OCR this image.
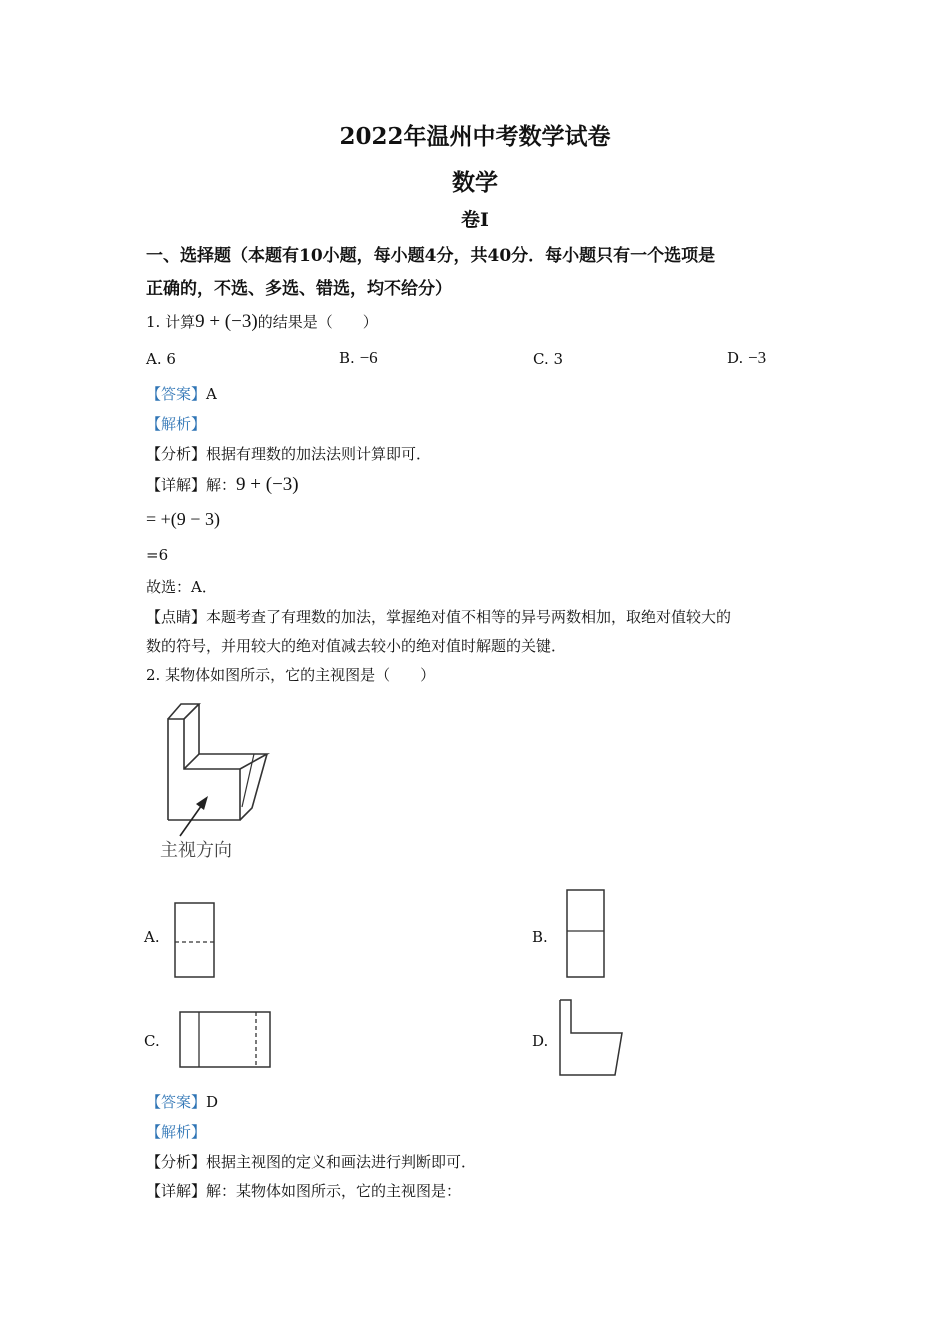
2022年温州中考数学试卷
数学
卷Ⅰ
一、选择题（本题有10小题，每小题4分，共40分．每小题只有一个选项是
正确的，不选、多选、错选，均不给分）
1. 计算9 + (−3)的结果是（　　）
A. 6	B. −6	C. 3	D. −3
【答案】A
【解析】
【分析】根据有理数的加法法则计算即可．
【详解】解：9 + (−3)
= +(9 − 3)
=6
故选：A．
【点睛】本题考查了有理数的加法，掌握绝对值不相等的异号两数相加，取绝对值较大的
数的符号，并用较大的绝对值减去较小的绝对值时解题的关键．
2. 某物体如图所示，它的主视图是（　　）
主视方向
A.	B.
C.	D.
【答案】D
【解析】
【分析】根据主视图的定义和画法进行判断即可．
【详解】解：某物体如图所示，它的主视图是：
